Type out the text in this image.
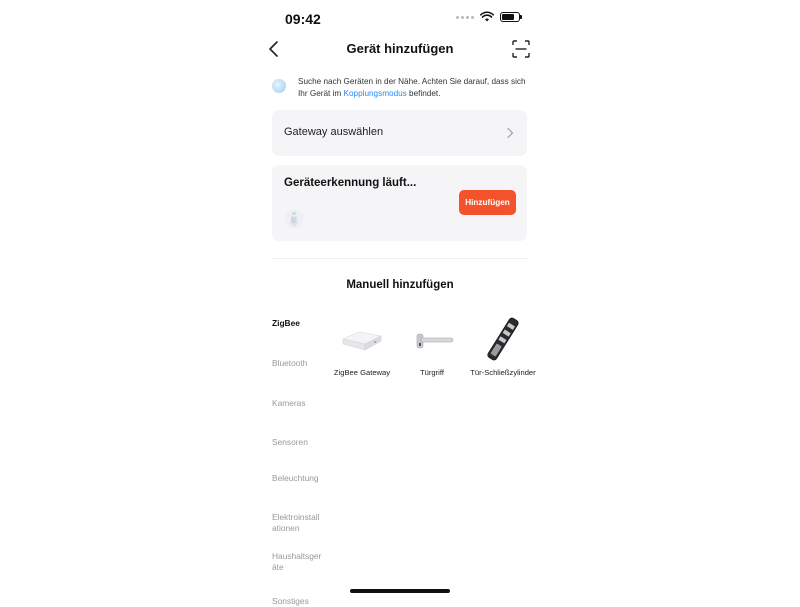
09:42
Gerät hinzufügen
Suche nach Geräten in der Nähe. Achten Sie darauf, dass sich Ihr Gerät im Kopplungsmodus befindet.
Gateway auswählen
Geräteerkennung läuft...
Hinzufügen
Manuell hinzufügen
ZigBee
Bluetooth
Kameras
Sensoren
Beleuchtung
Elektroinstallationen
Haushaltsgeräte
Sonstiges
ZigBee Gateway	Türgriff	Tür-Schließzylinder
